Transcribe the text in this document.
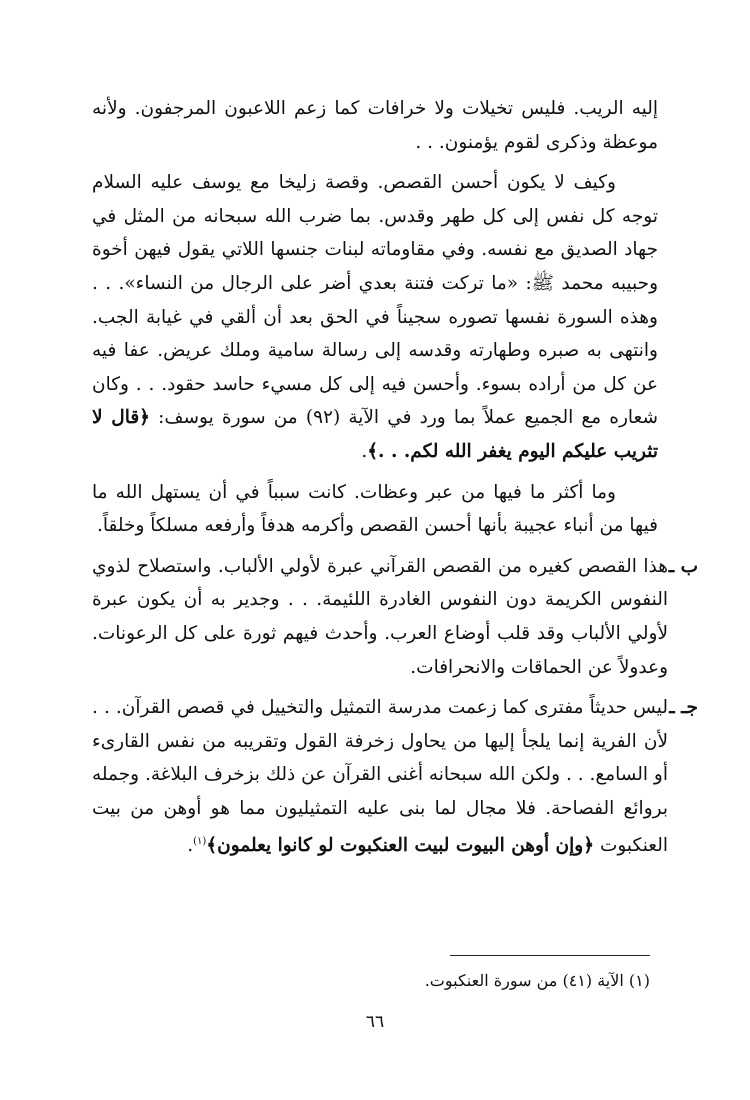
إليه الريب. فليس تخيلات ولا خرافات كما زعم اللاعبون المرجفون. ولأنه موعظة وذكرى لقوم يؤمنون. . .

وكيف لا يكون أحسن القصص. وقصة زليخا مع يوسف عليه السلام توجه كل نفس إلى كل طهر وقدس. بما ضرب الله سبحانه من المثل في جهاد الصديق مع نفسه. وفي مقاوماته لبنات جنسها اللاتي يقول فيهن أخوة وحبيبه محمد ﷺ: «ما تركت فتنة بعدي أضر على الرجال من النساء». . . وهذه السورة نفسها تصوره سجيناً في الحق بعد أن ألقي في غيابة الجب. وانتهى به صبره وطهارته وقدسه إلى رسالة سامية وملك عريض. عفا فيه عن كل من أراده بسوء. وأحسن فيه إلى كل مسيء حاسد حقود. . . وكان شعاره مع الجميع عملاً بما ورد في الآية (٩٢) من سورة يوسف: ﴿قال لا تثريب عليكم اليوم يغفر الله لكم. . .﴾.

وما أكثر ما فيها من عبر وعظات. كانت سبباً في أن يستهل الله ما فيها من أنباء عجيبة بأنها أحسن القصص وأكرمه هدفاً وأرفعه مسلكاً وخلقاً.

ب ـ

هذا القصص كغيره من القصص القرآني عبرة لأولي الألباب. واستصلاح لذوي النفوس الكريمة دون النفوس الغادرة اللئيمة. . . وجدير به أن يكون عبرة لأولي الألباب وقد قلب أوضاع العرب. وأحدث فيهم ثورة على كل الرعونات. وعدولاً عن الحماقات والانحرافات.

جـ ـ

ليس حديثاً مفترى كما زعمت مدرسة التمثيل والتخييل في قصص القرآن. . . لأن الفرية إنما يلجأ إليها من يحاول زخرفة القول وتقريبه من نفس القارىء أو السامع. . . ولكن الله سبحانه أغنى القرآن عن ذلك بزخرف البلاغة. وجمله بروائع الفصاحة. فلا مجال لما بنى عليه التمثيليون مما هو أوهن من بيت العنكبوت ﴿وإن أوهن البيوت لبيت العنكبوت لو كانوا يعلمون﴾$^{(١)}$.

(١) الآية (٤١) من سورة العنكبوت.
٦٦
